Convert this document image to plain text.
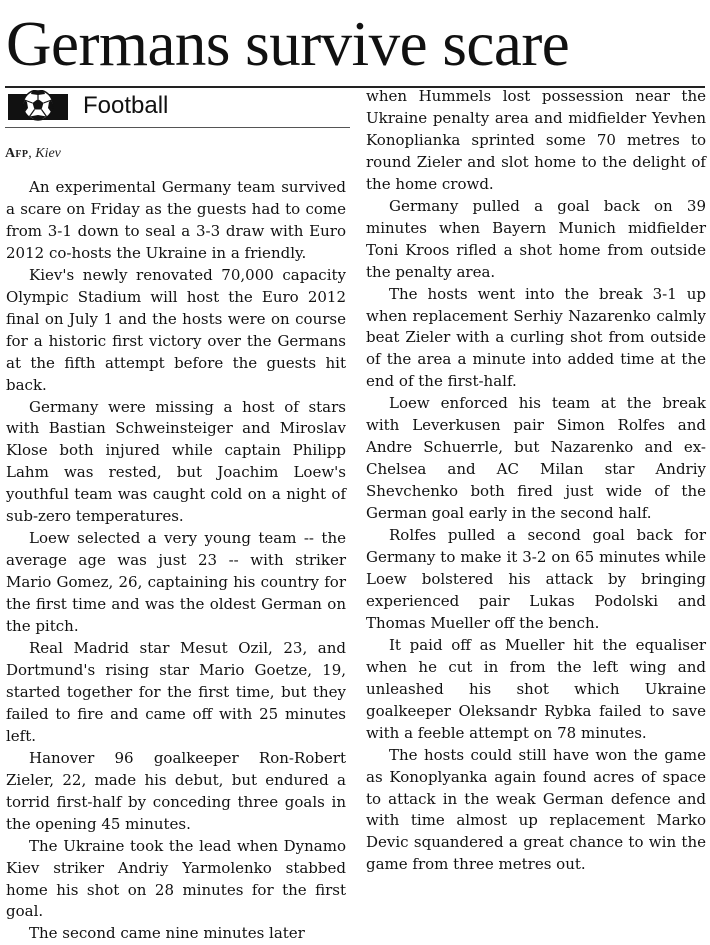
Germans survive scare
Football
Afp, Kiev

An experimental Germany team survived a scare on Friday as the guests had to come from 3-1 down to seal a 3-3 draw with Euro 2012 co-hosts the Ukraine in a friendly.

Kiev's newly renovated 70,000 capacity Olympic Stadium will host the Euro 2012 final on July 1 and the hosts were on course for a historic first victory over the Germans at the fifth attempt before the guests hit back.

Germany were missing a host of stars with Bastian Schweinsteiger and Miroslav Klose both injured while captain Philipp Lahm was rested, but Joachim Loew's youthful team was caught cold on a night of sub-zero temperatures.

Loew selected a very young team -- the average age was just 23 -- with striker Mario Gomez, 26, captaining his country for the first time and was the oldest German on the pitch.

Real Madrid star Mesut Ozil, 23, and Dortmund's rising star Mario Goetze, 19, started together for the first time, but they failed to fire and came off with 25 minutes left.

Hanover 96 goalkeeper Ron-Robert Zieler, 22, made his debut, but endured a torrid first-half by conceding three goals in the opening 45 minutes.

The Ukraine took the lead when Dynamo Kiev striker Andriy Yarmolenko stabbed home his shot on 28 minutes for the first goal.

The second came nine minutes later

when Hummels lost possession near the Ukraine penalty area and midfielder Yevhen Konoplianka sprinted some 70 metres to round Zieler and slot home to the delight of the home crowd.

Germany pulled a goal back on 39 minutes when Bayern Munich midfielder Toni Kroos rifled a shot home from outside the penalty area.

The hosts went into the break 3-1 up when replacement Serhiy Nazarenko calmly beat Zieler with a curling shot from outside of the area a minute into added time at the end of the first-half.

Loew enforced his team at the break with Leverkusen pair Simon Rolfes and Andre Schuerrle, but Nazarenko and ex-Chelsea and AC Milan star Andriy Shevchenko both fired just wide of the German goal early in the second half.

Rolfes pulled a second goal back for Germany to make it 3-2 on 65 minutes while Loew bolstered his attack by bringing experienced pair Lukas Podolski and Thomas Mueller off the bench.

It paid off as Mueller hit the equaliser when he cut in from the left wing and unleashed his shot which Ukraine goalkeeper Oleksandr Rybka failed to save with a feeble attempt on 78 minutes.

The hosts could still have won the game as Konoplyanka again found acres of space to attack in the weak German defence and with time almost up replacement Marko Devic squandered a great chance to win the game from three metres out.
